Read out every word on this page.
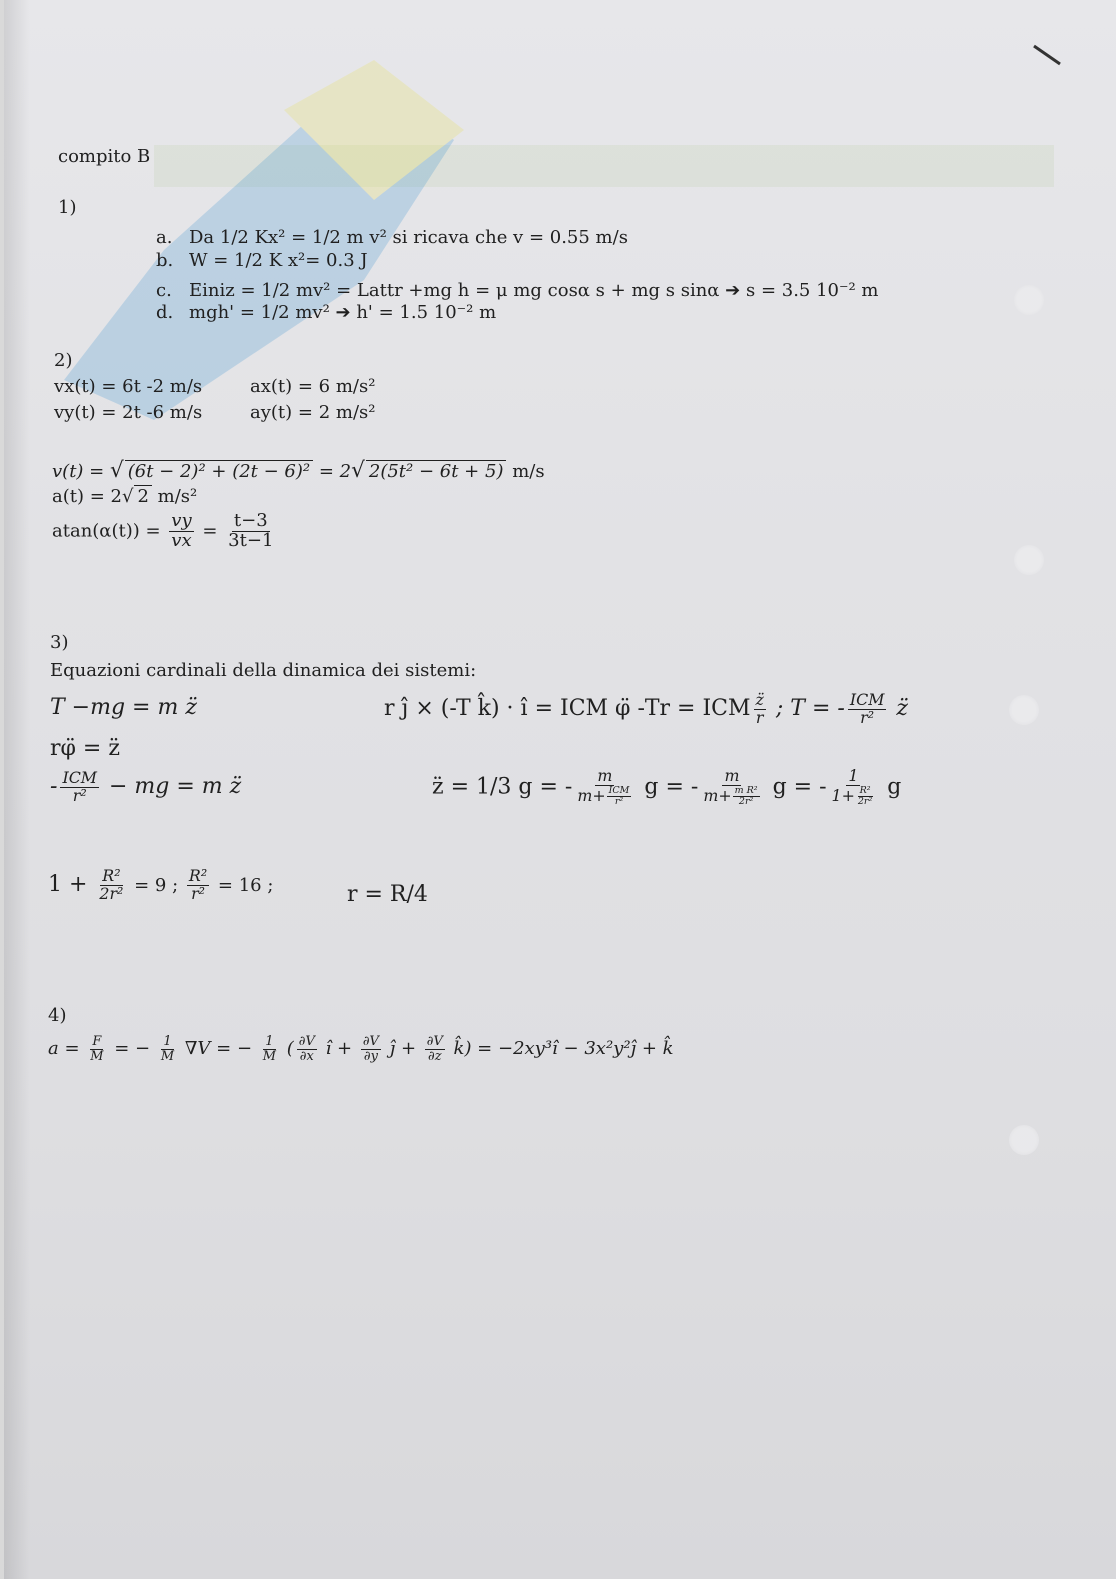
compito B
1)
a. Da 1/2 Kx² = 1/2 m v² si ricava che v = 0.55 m/s
b. W = 1/2 K x²= 0.3 J
c. Einiz = 1/2 mv² = Lattr +mg h = μ mg cosα s + mg s sinα ➔ s = 3.5 10⁻² m
d. mgh' = 1/2 mv² ➔ h' = 1.5 10⁻² m
2)
vx(t) = 6t -2 m/s	ax(t) = 6 m/s²
vy(t) = 2t -6 m/s	ay(t) = 2 m/s²
v(t) = √ (6t − 2)² + (2t − 6)² = 2√ 2(5t² − 6t + 5) m/s
a(t) = 2√ 2 m/s²
$atan(\alpha(t)) = \frac{vy}{vx} = \frac{t-3}{3t-1}$
3)
Equazioni cardinali della dinamica dei sistemi:
T −mg = m z̈
rφ̈ = z̈
- $\frac{\text{ICM}}{\text{r²}}$ − mg = m z̈
r ĵ × (-T k̂) · î = ICM φ̈ -Tr = ICM $\frac{z̈}{r}$ ; T = - $\frac{\text{ICM}}{\text{r²}}$ z̈
z̈ = 1/3 g = - $\frac{m}{m+ \frac{\text{ICM}}{\text{r²}}}$ g = - $\frac{m}{m+ \frac{\text{m R²}}{\text{2r²}}}$ g = - $\frac{1}{1+ \frac{\text{R²}}{\text{2r²}}}$ g
$1 + \frac{\text{R²}}{\text{2r²}} = 9$ ; $\frac{\text{R²}}{\text{r²}} = 16$ ;	r = R/4
4)
$a = \frac{F}{M}$ = − $\frac{1}{M} \nabla V$ = − $\frac{1}{M}$ ( $\frac{\partial V}{\partial x}$ î + $\frac{\partial V}{\partial y}$ ĵ + $\frac{\partial V}{\partial z}$ k̂) = −2xy³î − 3x²y²ĵ + k̂
